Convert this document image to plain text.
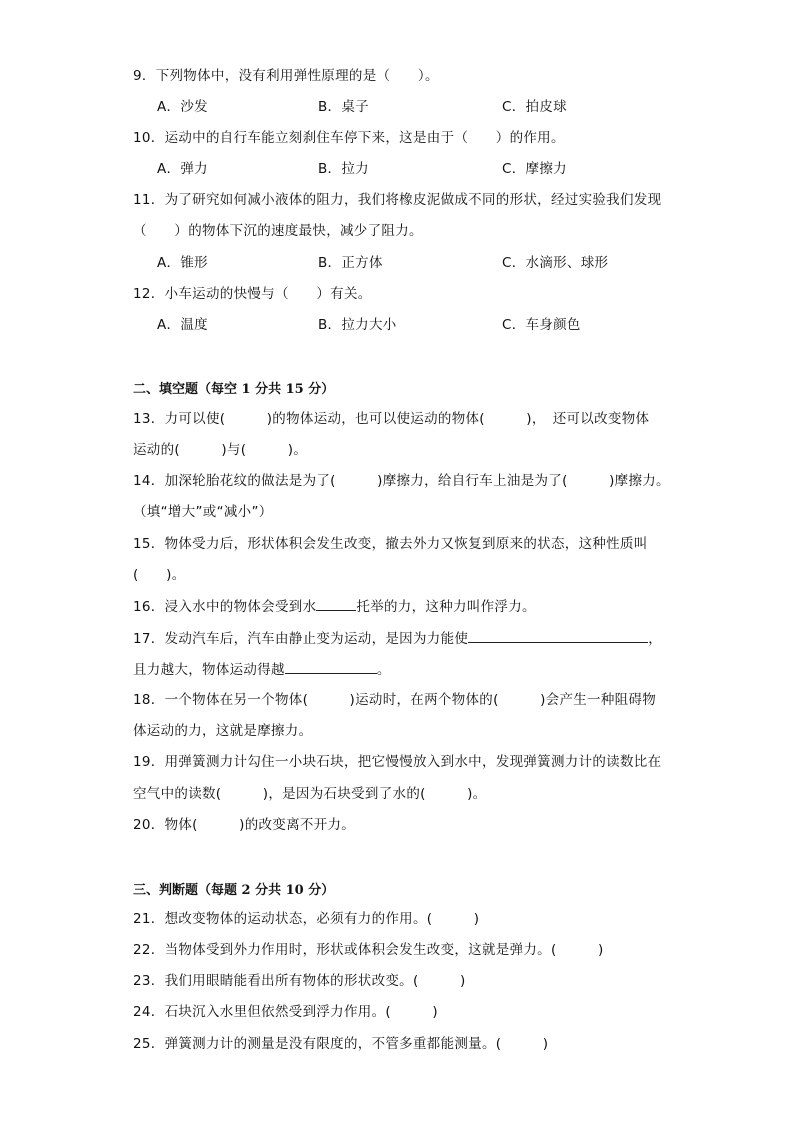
9．下列物体中，没有利用弹性原理的是（　　）。
A．沙发	B．桌子	C．拍皮球
10．运动中的自行车能立刻刹住车停下来，这是由于（　　）的作用。
A．弹力	B．拉力	C．摩擦力
11．为了研究如何减小液体的阻力，我们将橡皮泥做成不同的形状，经过实验我们发现
（　　）的物体下沉的速度最快，减少了阻力。
A．锥形	B．正方体	C．水滴形、球形
12．小车运动的快慢与（　　）有关。
A．温度	B．拉力大小	C．车身颜色
二、填空题（每空 1 分共 15 分）
13．力可以使(　　　)的物体运动，也可以使运动的物体(　　　)，　还可以改变物体
运动的(　　　)与(　　　)。
14．加深轮胎花纹的做法是为了(　　　)摩擦力，给自行车上油是为了(　　　)摩擦力。
（填“增大”或“减小”）
15．物体受力后，形状体积会发生改变，撤去外力又恢复到原来的状态，这种性质叫
(　　)。
16．浸入水中的物体会受到水	托举的力，这种力叫作浮力。
17．发动汽车后，汽车由静止变为运动，是因为力能使	，
且力越大，物体运动得越	。
18．一个物体在另一个物体(　　　)运动时，在两个物体的(　　　)会产生一种阻碍物
体运动的力，这就是摩擦力。
19．用弹簧测力计勾住一小块石块，把它慢慢放入到水中，发现弹簧测力计的读数比在
空气中的读数(　　　)，是因为石块受到了水的(　　　)。
20．物体(　　　)的改变离不开力。
三、判断题（每题 2 分共 10 分）
21．想改变物体的运动状态，必须有力的作用。(　　　)
22．当物体受到外力作用时，形状或体积会发生改变，这就是弹力。(　　　)
23．我们用眼睛能看出所有物体的形状改变。(　　　)
24．石块沉入水里但依然受到浮力作用。(　　　)
25．弹簧测力计的测量是没有限度的，不管多重都能测量。(　　　)
